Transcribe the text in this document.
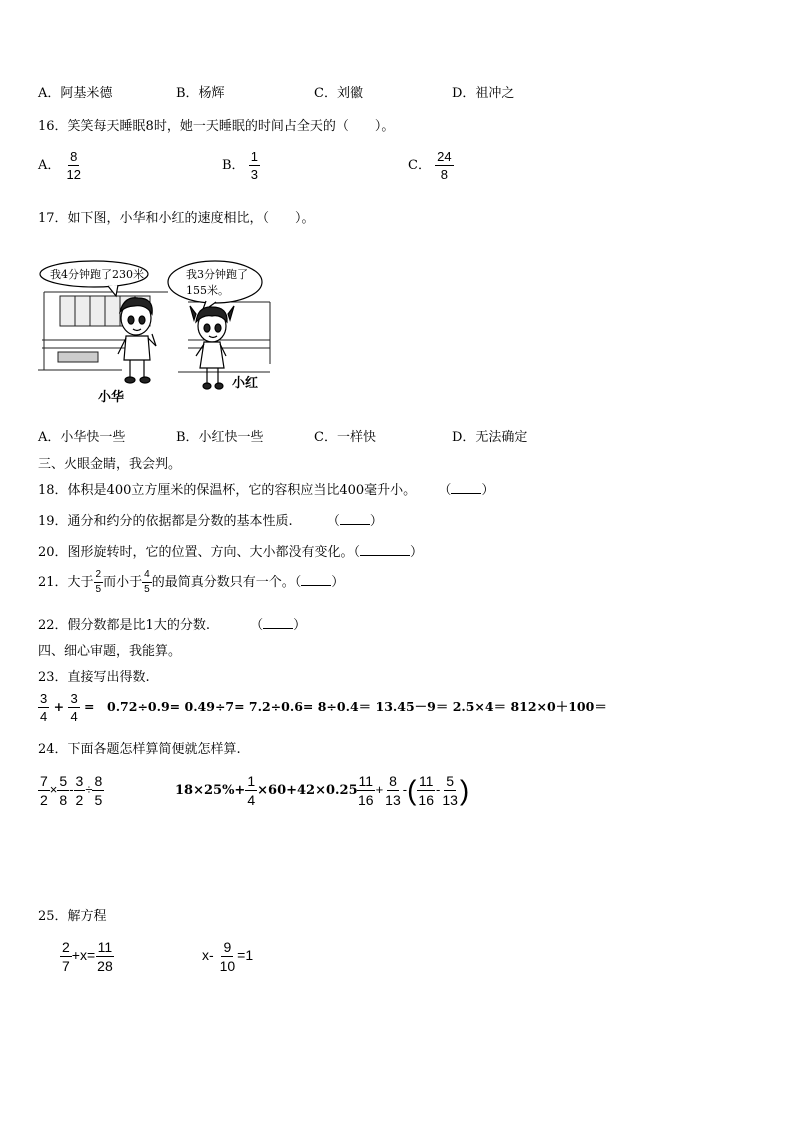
A．阿基米德	B．杨辉	C．刘徽	D．祖冲之
16．笑笑每天睡眠8时，她一天睡眠的时间占全天的（　　）。
A． $\frac{8}{12}$	B． $\frac{1}{3}$	C． $\frac{24}{8}$
17．如下图，小华和小红的速度相比，（　　）。
我4分钟跑了230米	我3分钟跑了
155米。
小华
小红
A．小华快一些	B．小红快一些	C．一样快	D．无法确定
三、火眼金睛，我会判。
18．体积是400立方厘米的保温杯，它的容积应当比400毫升小。 （ ）
19．通分和约分的依据都是分数的基本性质.	（ ）
20．图形旋转时，它的位置、方向、大小都没有变化。（	）
21．大于 $\frac{2}{5}$ 而小于 $\frac{4}{5}$ 的最简真分数只有一个。（ ）
22．假分数都是比1大的分数.	（ ）
四、细心审题，我能算。
23．直接写出得数.
$\frac{3}{4} + \frac{3}{4}$ =　0.72÷0.9= 0.49÷7= 7.2÷0.6= 8÷0.4＝ 13.45－9＝ 2.5×4＝ 812×0＋100＝
24．下面各题怎样算简便就怎样算.
$\frac{7}{2} \times \frac{5}{8} - \frac{3}{2} \div \frac{8}{5}$	$18\times 25\%+ \frac{1}{4} \times 60+42\times 0.25$
$\frac{11}{16} + \frac{8}{13}$ -( $\frac{11}{16} - \frac{5}{13}$ )
25．解方程
$\frac{2}{7} +x= \frac{11}{28}$	$x- \frac{9}{10} =1$
